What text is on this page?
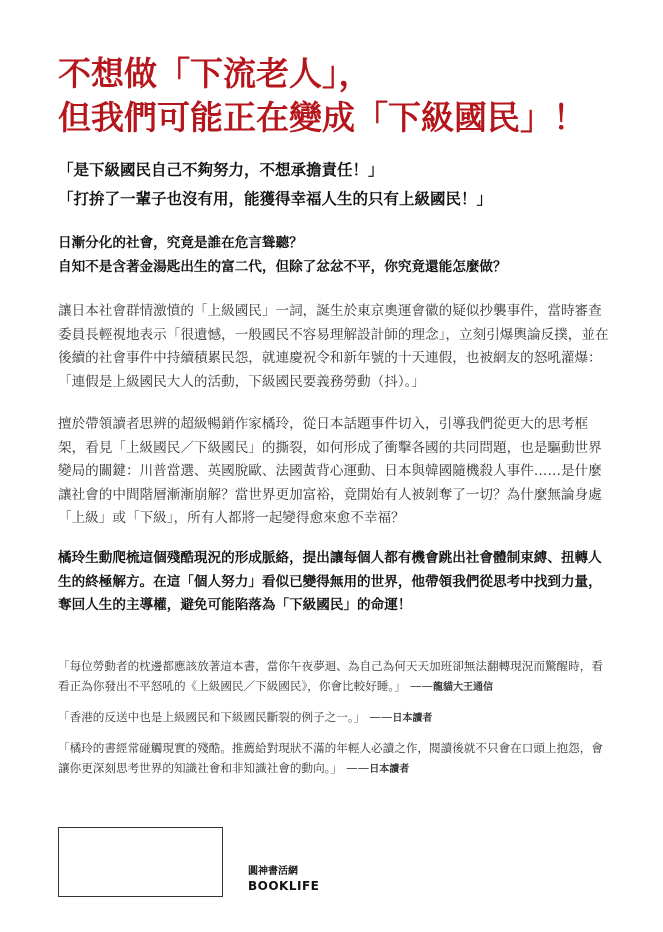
不想做「下流老人」，
但我們可能正在變成「下級國民」！
「是下級國民自己不夠努力，不想承擔責任！」
「打拚了一輩子也沒有用，能獲得幸福人生的只有上級國民！」
日漸分化的社會，究竟是誰在危言聳聽？
自知不是含著金湯匙出生的富二代，但除了忿忿不平，你究竟還能怎麼做？
讓日本社會群情激憤的「上級國民」一詞，誕生於東京奧運會徽的疑似抄襲事件，當時審查委員長輕視地表示「很遺憾，一般國民不容易理解設計師的理念」，立刻引爆輿論反撲，並在後續的社會事件中持續積累民怨，就連慶祝令和新年號的十天連假，也被網友的怒吼灌爆：「連假是上級國民大人的活動，下級國民要義務勞動（抖）。」
擅於帶領讀者思辨的超級暢銷作家橘玲，從日本話題事件切入，引導我們從更大的思考框架，看見「上級國民／下級國民」的撕裂，如何形成了衝擊各國的共同問題，也是驅動世界變局的關鍵：川普當選、英國脫歐、法國黃背心運動、日本與韓國隨機殺人事件……是什麼讓社會的中間階層漸漸崩解？當世界更加富裕，竟開始有人被剝奪了一切？為什麼無論身處「上級」或「下級」，所有人都將一起變得愈來愈不幸福？
橘玲生動爬梳這個殘酷現況的形成脈絡，提出讓每個人都有機會跳出社會體制束縛、扭轉人生的終極解方。在這「個人努力」看似已變得無用的世界，他帶領我們從思考中找到力量，奪回人生的主導權，避免可能陷落為「下級國民」的命運！
「每位勞動者的枕邊都應該放著這本書，當你午夜夢迴、為自己為何天天加班卻無法翻轉現況而驚醒時，看看正為你發出不平怒吼的《上級國民／下級國民》，你會比較好睡。」 ——龍貓大王通信
「香港的反送中也是上級國民和下級國民斷裂的例子之一。」 ——日本讀者
「橘玲的書經常碰觸現實的殘酷。推薦給對現狀不滿的年輕人必讀之作，閱讀後就不只會在口頭上抱怨，會讓你更深刻思考世界的知識社會和非知識社會的動向。」 ——日本讀者
圓神書活網
BOOKLIFE
